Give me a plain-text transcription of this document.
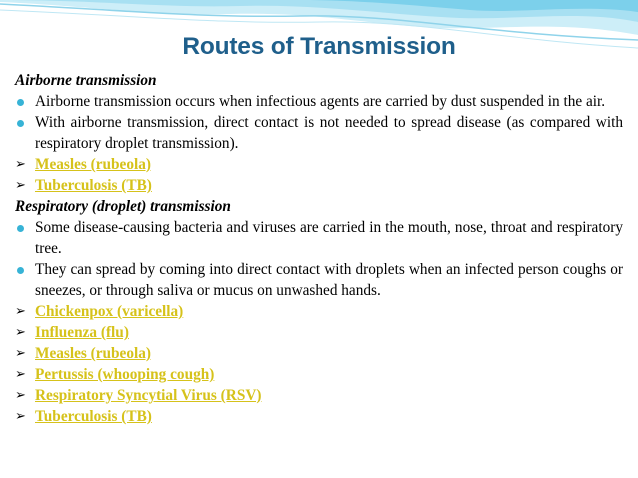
Routes of Transmission
Airborne transmission
Airborne transmission occurs when infectious agents are carried by dust suspended in the air.
With airborne transmission, direct contact is not needed to spread disease (as compared with respiratory droplet transmission).
➢ Measles (rubeola)
➢ Tuberculosis (TB)
Respiratory (droplet) transmission
Some disease-causing bacteria and viruses are carried in the mouth, nose, throat and respiratory tree.
They can spread by coming into direct contact with droplets when an infected person coughs or sneezes, or through saliva or mucus on unwashed hands.
➢ Chickenpox (varicella)
➢ Influenza (flu)
➢ Measles (rubeola)
➢ Pertussis (whooping cough)
➢ Respiratory Syncytial Virus (RSV)
➢ Tuberculosis (TB)
